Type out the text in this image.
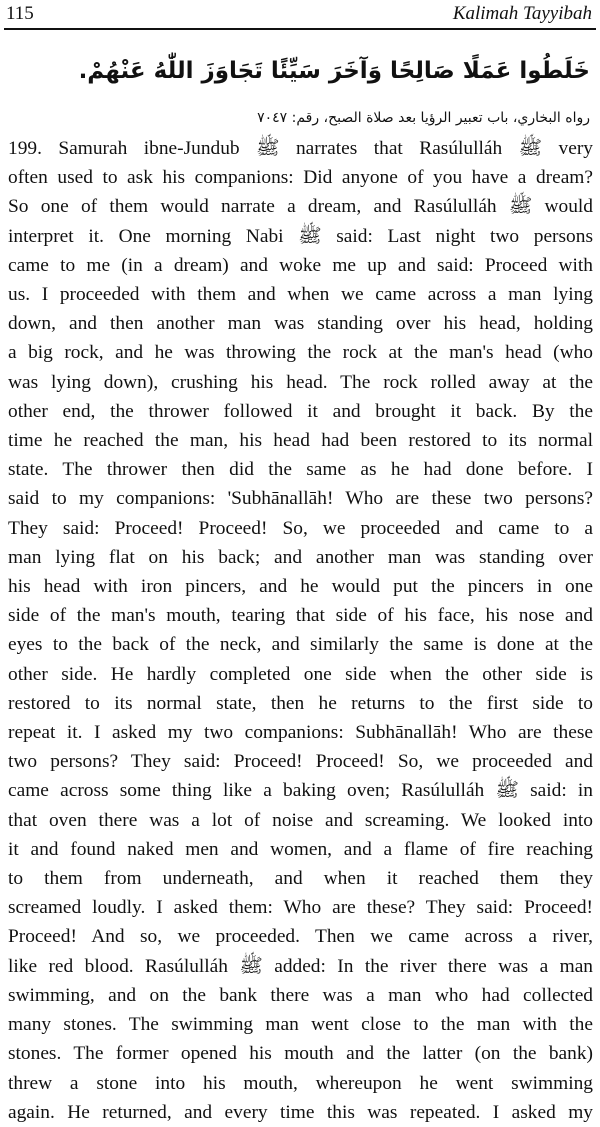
115	Kalimah Tayyibah
خَلَطُوا عَمَلًا صَالِحًا وَآخَرَ سَيِّئًا تَجَاوَزَ اللّٰهُ عَنْهُمْ.
رواه البخاري، باب تعبير الرؤيا بعد صلاة الصبح، رقم: ٧٠٤٧
199. Samurah ibne-Jundub ﷺ narrates that Rasúlulláh ﷺ very
often used to ask his companions: Did anyone of you have a dream?
So one of them would narrate a dream, and Rasúlulláh ﷺ would
interpret it. One morning Nabi ﷺ said: Last night two persons
came to me (in a dream) and woke me up and said: Proceed with
us. I proceeded with them and when we came across a man lying
down, and then another man was standing over his head, holding
a big rock, and he was throwing the rock at the man's head (who
was lying down), crushing his head. The rock rolled away at the
other end, the thrower followed it and brought it back. By the
time he reached the man, his head had been restored to its normal
state. The thrower then did the same as he had done before. I
said to my companions: 'Subhānallāh! Who are these two persons?
They said: Proceed! Proceed! So, we proceeded and came to a
man lying flat on his back; and another man was standing over
his head with iron pincers, and he would put the pincers in one
side of the man's mouth, tearing that side of his face, his nose and
eyes to the back of the neck, and similarly the same is done at the
other side. He hardly completed one side when the other side is
restored to its normal state, then he returns to the first side to
repeat it. I asked my two companions: Subhānallāh! Who are these
two persons? They said: Proceed! Proceed! So, we proceeded and
came across some thing like a baking oven; Rasúlulláh ﷺ said: in
that oven there was a lot of noise and screaming. We looked into
it and found naked men and women, and a flame of fire reaching
to them from underneath, and when it reached them they
screamed loudly. I asked them: Who are these? They said: Proceed!
Proceed! And so, we proceeded. Then we came across a river,
like red blood. Rasúlulláh ﷺ added: In the river there was a man
swimming, and on the bank there was a man who had collected
many stones. The swimming man went close to the man with the
stones. The former opened his mouth and the latter (on the bank)
threw a stone into his mouth, whereupon he went swimming
again. He returned, and every time this was repeated. I asked my
